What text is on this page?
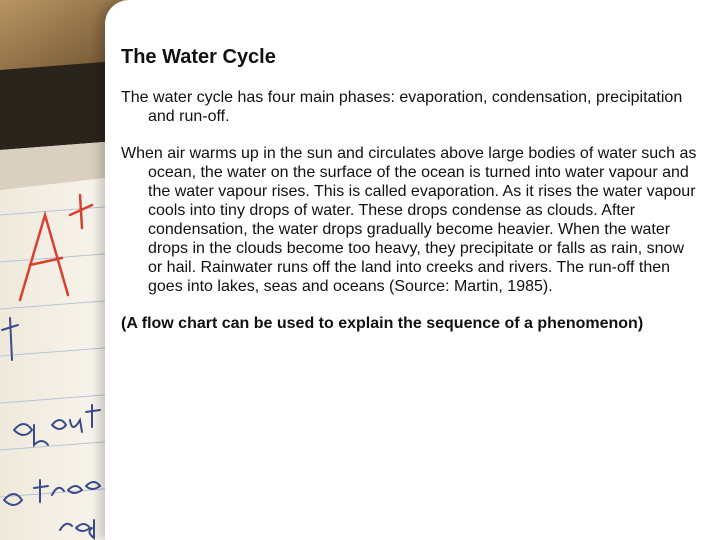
The Water Cycle

The water cycle has four main phases: evaporation, condensation, precipitation and run-off.

When air warms up in the sun and circulates above large bodies of water such as ocean, the water on the surface of the ocean is turned into water vapour and the water vapour rises. This is called evaporation. As it rises the water vapour cools into tiny drops of water. These drops condense as clouds. After condensation, the water drops gradually become heavier. When the water drops in the clouds become too heavy, they precipitate or falls as rain, snow or hail. Rainwater runs off the land into creeks and rivers. The run-off then goes into lakes, seas and oceans (Source: Martin, 1985).

(A flow chart can be used to explain the sequence of a phenomenon)
